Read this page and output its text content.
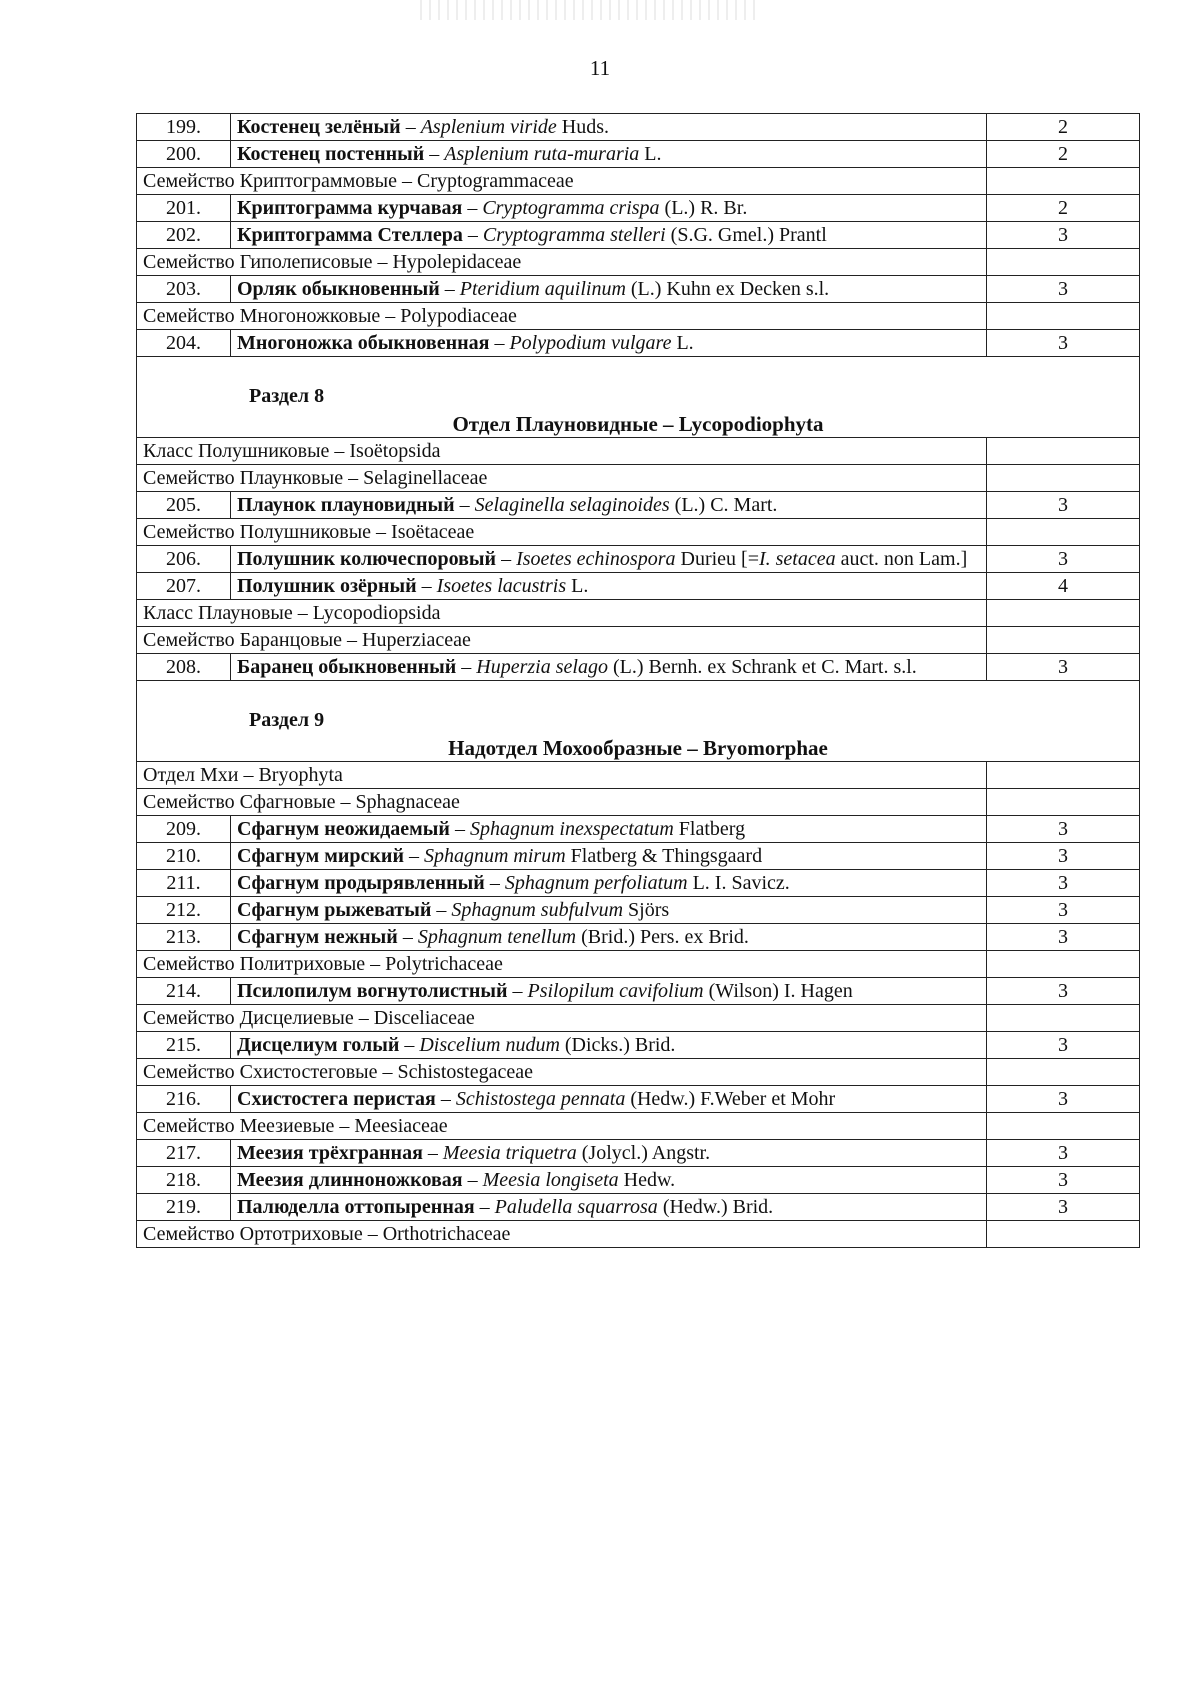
11
199.	Костенец зелёный – Asplenium viride Huds.	2
200.	Костенец постенный – Asplenium ruta-muraria L.	2
Семейство Криптограммовые – Cryptogrammaceae		
201.	Криптограмма курчавая – Cryptogramma crispa (L.) R. Br.	2
202.	Криптограмма Стеллера – Cryptogramma stelleri (S.G. Gmel.) Prantl	3
Семейство Гиполеписовые – Hypolepidaceae		
203.	Орляк обыкновенный – Pteridium aquilinum (L.) Kuhn ex Decken s.l.	3
Семейство Многоножковые – Polypodiaceae		
204.	Многоножка обыкновенная – Polypodium vulgare L.	3

Раздел 8
Отдел Плауновидные – Lycopodiophyta		

Класс Полушниковые – Isoëtopsida		
Семейство Плаунковые – Selaginellaceae		
205.	Плаунок плауновидный – Selaginella selaginoides (L.) C. Mart.	3
Семейство Полушниковые – Isoëtaceae		
206.	Полушник колючеспоровый – Isoetes echinospora Durieu [=I. setacea auct. non Lam.]	3
207.	Полушник озёрный – Isoetes lacustris L.	4
Класс Плауновые – Lycopodiopsida		
Семейство Баранцовые – Huperziaceae		
208.	Баранец обыкновенный – Huperzia selago (L.) Bernh. ex Schrank et C. Mart. s.l.	3

Раздел 9
Надотдел Мохообразные – Bryomorphae		

Отдел Мхи – Bryophyta		
Семейство Сфагновые – Sphagnaceae		
209.	Сфагнум неожидаемый – Sphagnum inexspectatum Flatberg	3
210.	Сфагнум мирский – Sphagnum mirum Flatberg & Thingsgaard	3
211.	Сфагнум продырявленный – Sphagnum perfoliatum L. I. Savicz.	3
212.	Сфагнум рыжеватый – Sphagnum subfulvum Sjörs	3
213.	Сфагнум нежный – Sphagnum tenellum (Brid.) Pers. ex Brid.	3
Семейство Политриховые – Polytrichaceae		
214.	Псилопилум вогнутолистный – Psilopilum cavifolium (Wilson) I. Hagen	3
Семейство Дисцелиевые – Disceliaceae		
215.	Дисцелиум голый – Discelium nudum (Dicks.) Brid.	3
Семейство Схистостеговые – Schistostegaceae		
216.	Схистостега перистая – Schistostega pennata (Hedw.) F.Weber et Mohr	3
Семейство Меезиевые – Meesiaceae		
217.	Меезия трёхгранная – Meesia triquetra (Jolycl.) Angstr.	3
218.	Меезия длинноножковая – Meesia longiseta Hedw.	3
219.	Палюделла оттопыренная – Paludella squarrosa (Hedw.) Brid.	3
Семейство Ортотриховые – Orthotrichaceae		
